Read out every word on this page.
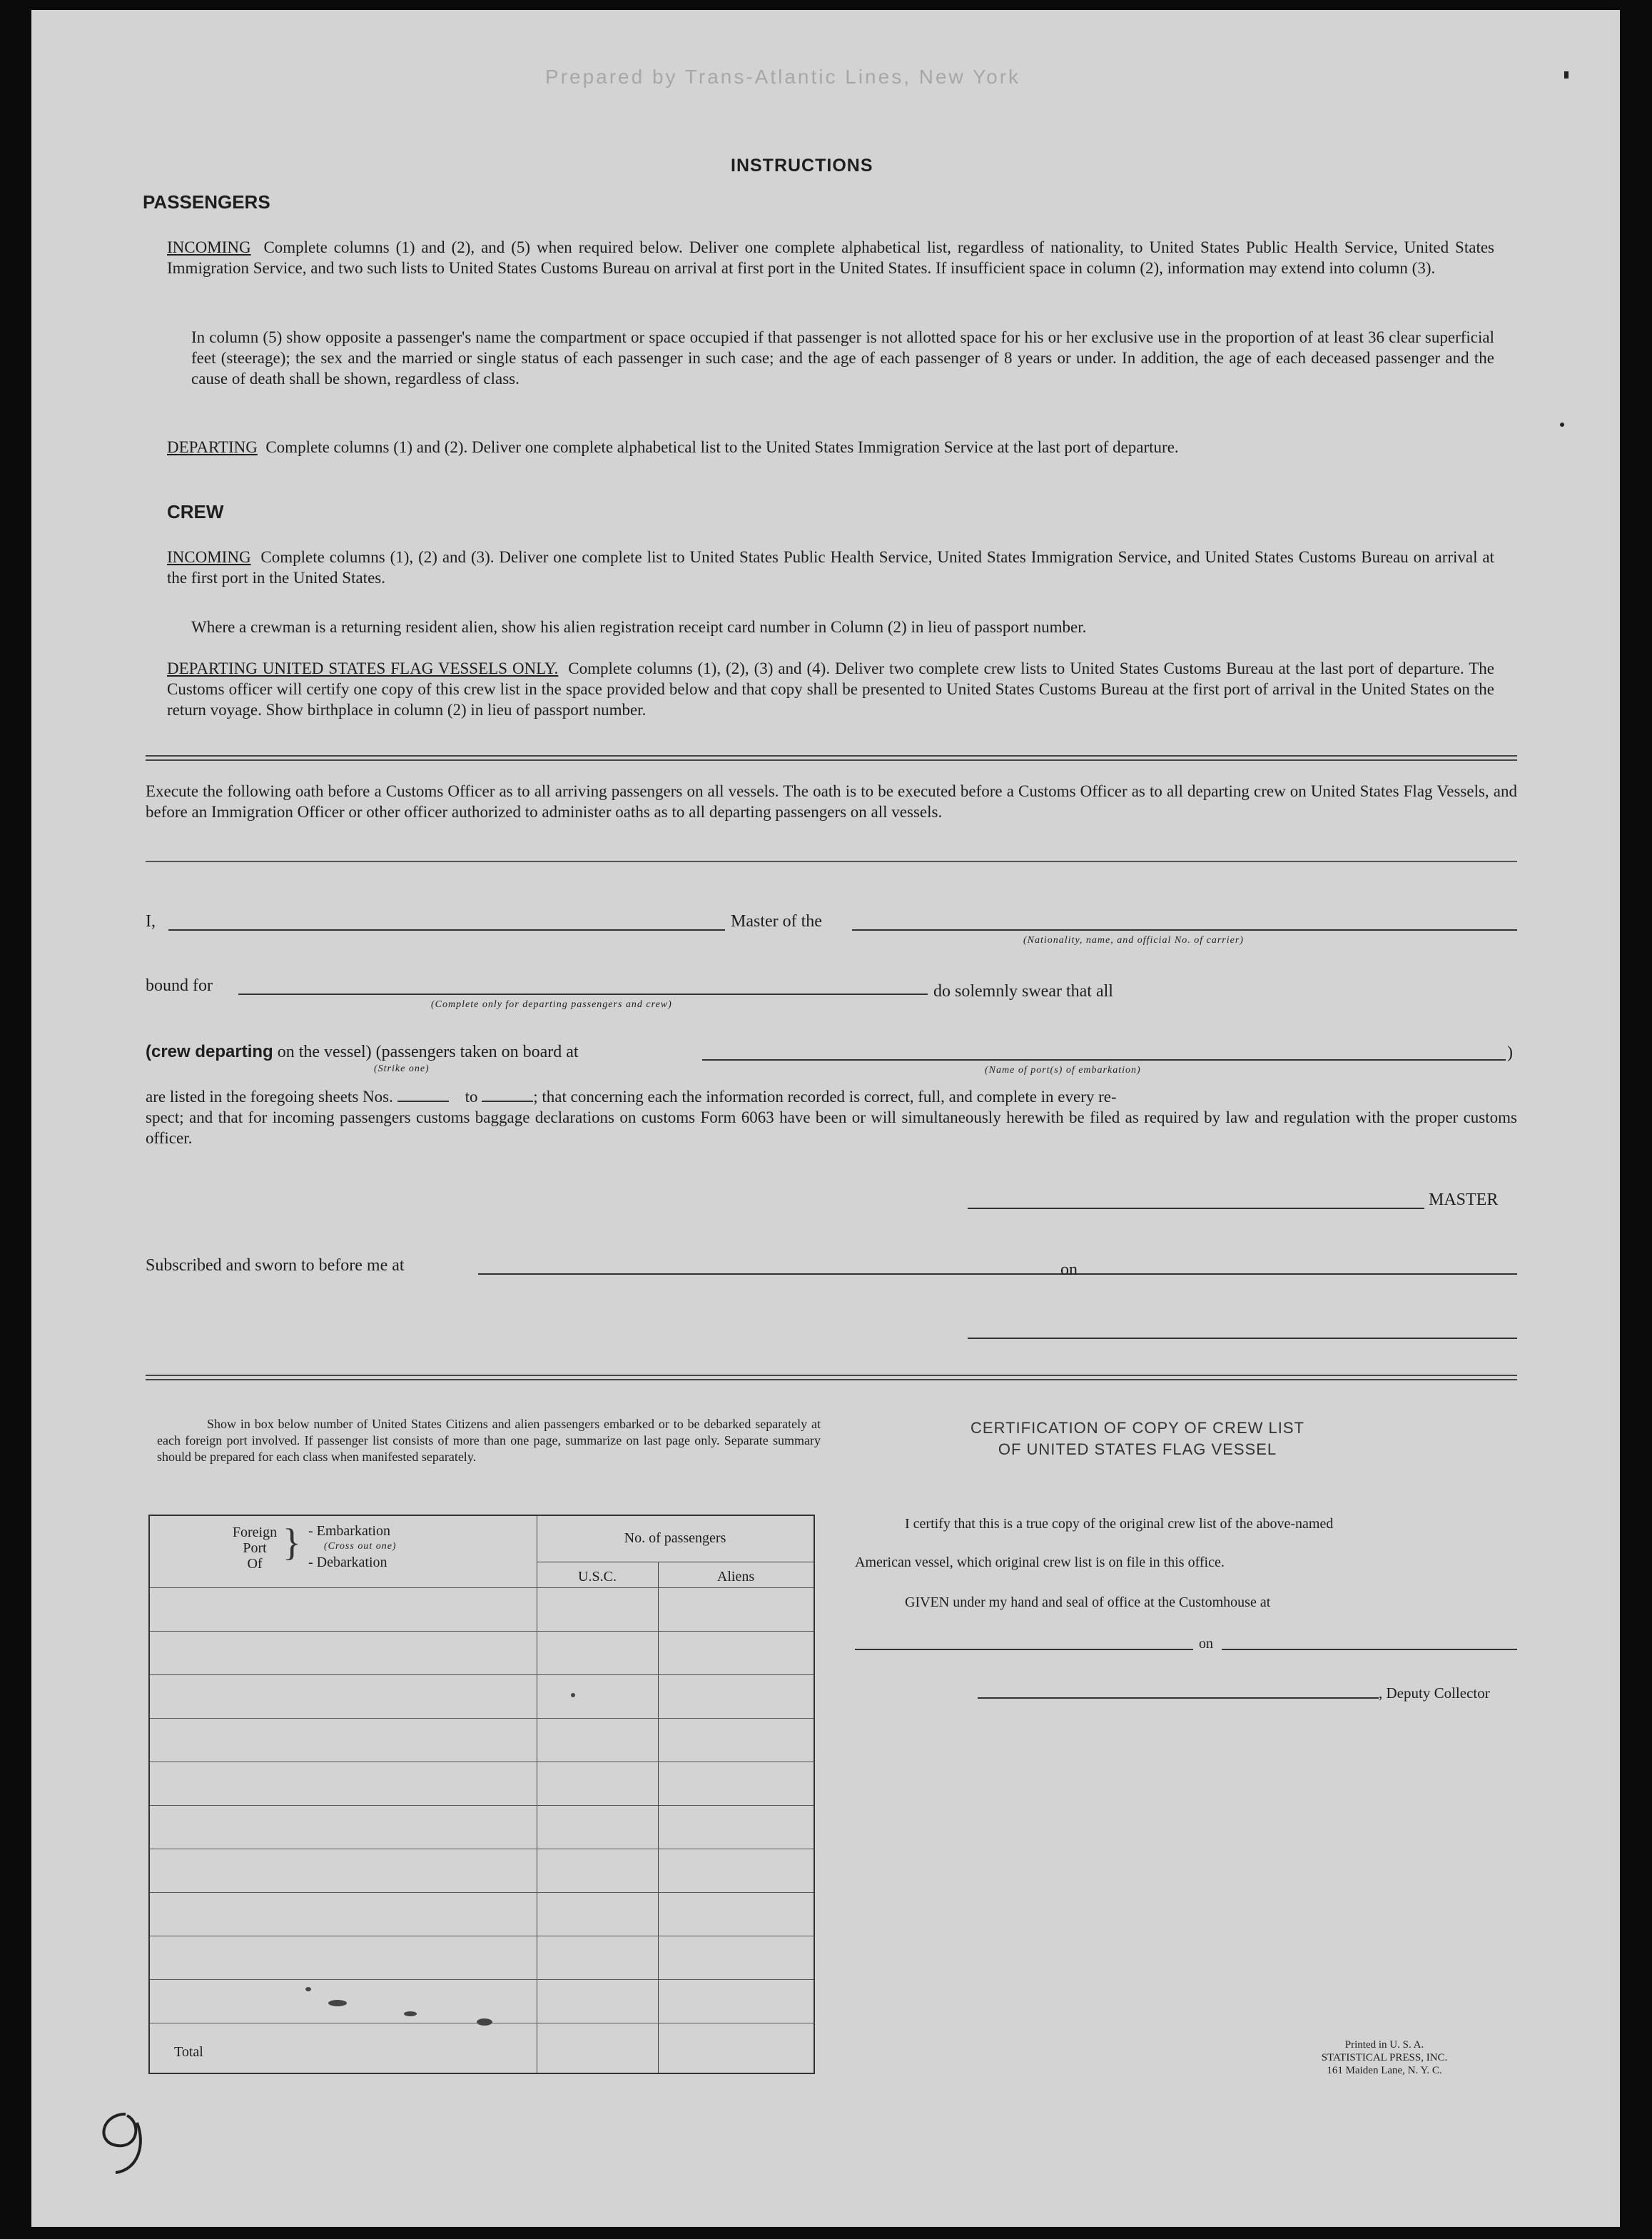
Prepared by Trans-Atlantic Lines, New York
INSTRUCTIONS
PASSENGERS

INCOMING Complete columns (1) and (2), and (5) when required below. Deliver one complete alphabetical list, regardless of nationality, to United States Public Health Service, United States Immigration Service, and two such lists to United States Customs Bureau on arrival at first port in the United States. If insufficient space in column (2), information may extend into column (3).

In column (5) show opposite a passenger's name the compartment or space occupied if that passenger is not allotted space for his or her exclusive use in the proportion of at least 36 clear superficial feet (steerage); the sex and the married or single status of each passenger in such case; and the age of each passenger of 8 years or under. In addition, the age of each deceased passenger and the cause of death shall be shown, regardless of class.

DEPARTING Complete columns (1) and (2). Deliver one complete alphabetical list to the United States Immigration Service at the last port of departure.

CREW

INCOMING Complete columns (1), (2) and (3). Deliver one complete list to United States Public Health Service, United States Immigration Service, and United States Customs Bureau on arrival at the first port in the United States.

Where a crewman is a returning resident alien, show his alien registration receipt card number in Column (2) in lieu of passport number.

DEPARTING UNITED STATES FLAG VESSELS ONLY. Complete columns (1), (2), (3) and (4). Deliver two complete crew lists to United States Customs Bureau at the last port of departure. The Customs officer will certify one copy of this crew list in the space provided below and that copy shall be presented to United States Customs Bureau at the first port of arrival in the United States on the return voyage. Show birthplace in column (2) in lieu of passport number.

Execute the following oath before a Customs Officer as to all arriving passengers on all vessels. The oath is to be executed before a Customs Officer as to all departing crew on United States Flag Vessels, and before an Immigration Officer or other officer authorized to administer oaths as to all departing passengers on all vessels.

I,	Master of the
(Nationality, name, and official No. of carrier)
bound for
(Complete only for departing passengers and crew)
do solemnly swear that all
(crew departing on the vessel) (passengers taken on board at
(Strike one)
)
(Name of port(s) of embarkation)
are listed in the foregoing sheets Nos.	to	; that concerning each the information recorded is correct, full, and complete in every re-

spect; and that for incoming passengers customs baggage declarations on customs Form 6063 have been or will simultaneously herewith be filed as required by law and regulation with the proper customs officer.

MASTER
Subscribed and sworn to before me at	on
Show in box below number of United States Citizens and alien passengers embarked or to be debarked separately at each foreign port involved. If passenger list consists of more than one page, summarize on last page only. Separate summary should be prepared for each class when manifested separately.
Foreign
Port
Of } - Embarkation
(Cross out one)
- Debarkation
No. of passengers
U.S.C.	Aliens
Total
CERTIFICATION OF COPY OF CREW LIST
OF UNITED STATES FLAG VESSEL
I certify that this is a true copy of the original crew list of the above-named
American vessel, which original crew list is on file in this office.
GIVEN under my hand and seal of office at the Customhouse at
on
, Deputy Collector
Printed in U. S. A.
STATISTICAL PRESS, INC.
161 Maiden Lane, N. Y. C.
